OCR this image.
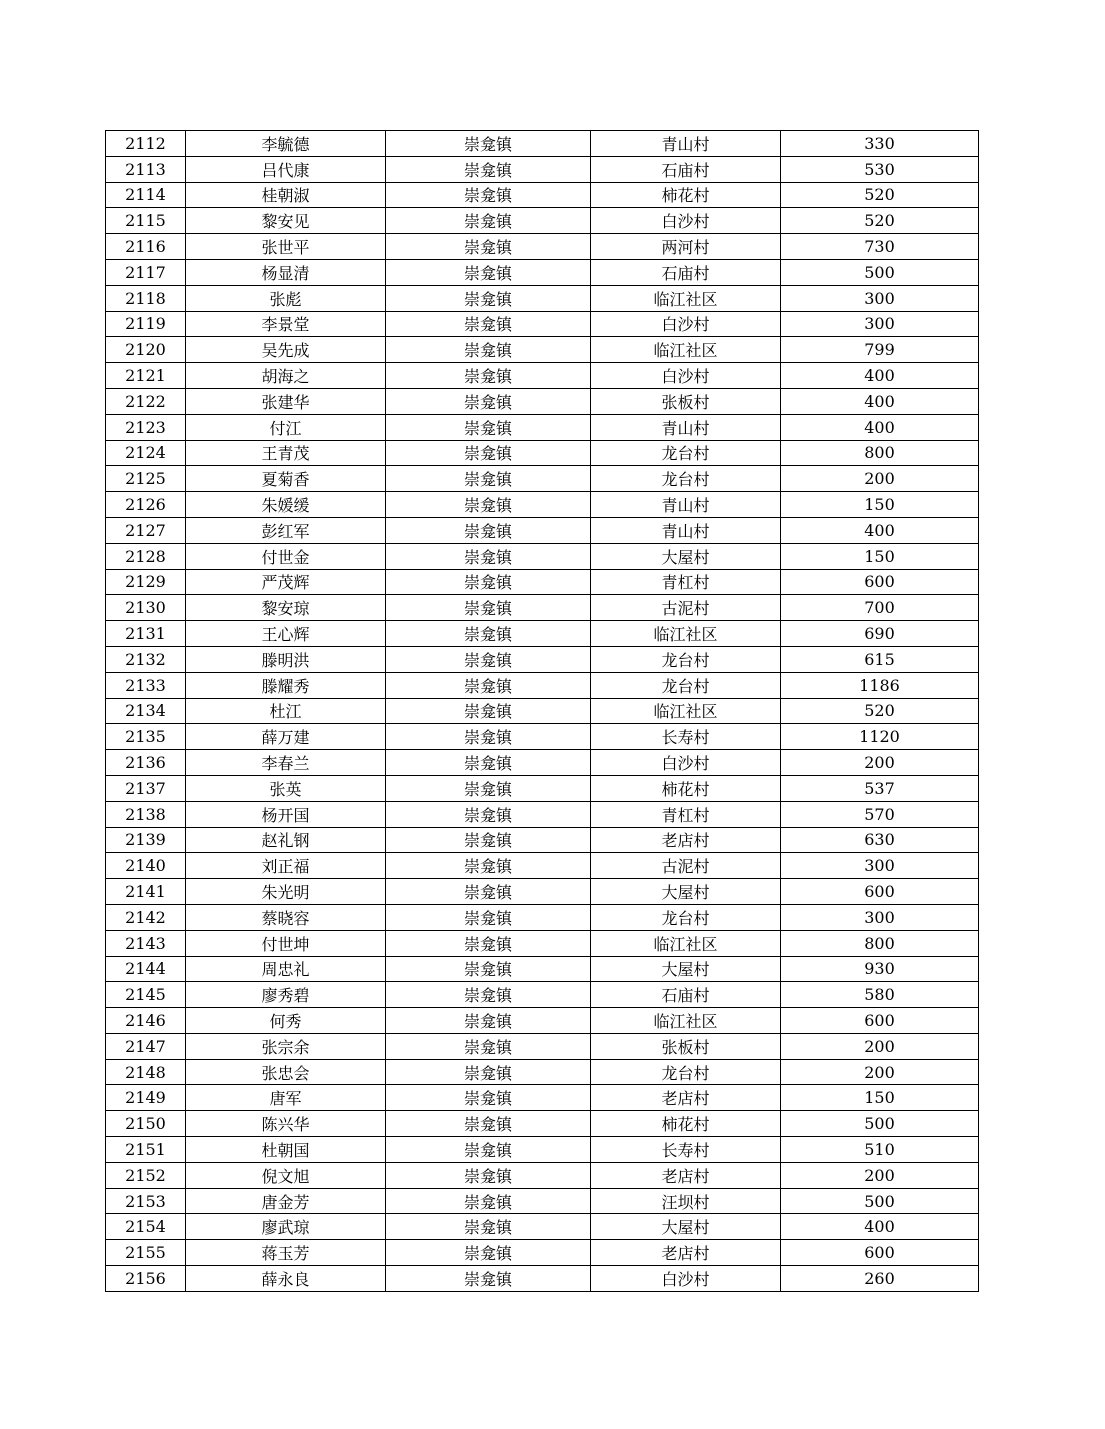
2112	李毓德	崇龛镇	青山村	330
2113	吕代康	崇龛镇	石庙村	530
2114	桂朝淑	崇龛镇	柿花村	520
2115	黎安见	崇龛镇	白沙村	520
2116	张世平	崇龛镇	两河村	730
2117	杨显清	崇龛镇	石庙村	500
2118	张彪	崇龛镇	临江社区	300
2119	李景堂	崇龛镇	白沙村	300
2120	吴先成	崇龛镇	临江社区	799
2121	胡海之	崇龛镇	白沙村	400
2122	张建华	崇龛镇	张板村	400
2123	付江	崇龛镇	青山村	400
2124	王青茂	崇龛镇	龙台村	800
2125	夏菊香	崇龛镇	龙台村	200
2126	朱媛缓	崇龛镇	青山村	150
2127	彭红军	崇龛镇	青山村	400
2128	付世金	崇龛镇	大屋村	150
2129	严茂辉	崇龛镇	青杠村	600
2130	黎安琼	崇龛镇	古泥村	700
2131	王心辉	崇龛镇	临江社区	690
2132	滕明洪	崇龛镇	龙台村	615
2133	滕耀秀	崇龛镇	龙台村	1186
2134	杜江	崇龛镇	临江社区	520
2135	薛万建	崇龛镇	长寿村	1120
2136	李春兰	崇龛镇	白沙村	200
2137	张英	崇龛镇	柿花村	537
2138	杨开国	崇龛镇	青杠村	570
2139	赵礼钢	崇龛镇	老店村	630
2140	刘正福	崇龛镇	古泥村	300
2141	朱光明	崇龛镇	大屋村	600
2142	蔡晓容	崇龛镇	龙台村	300
2143	付世坤	崇龛镇	临江社区	800
2144	周忠礼	崇龛镇	大屋村	930
2145	廖秀碧	崇龛镇	石庙村	580
2146	何秀	崇龛镇	临江社区	600
2147	张宗余	崇龛镇	张板村	200
2148	张忠会	崇龛镇	龙台村	200
2149	唐军	崇龛镇	老店村	150
2150	陈兴华	崇龛镇	柿花村	500
2151	杜朝国	崇龛镇	长寿村	510
2152	倪文旭	崇龛镇	老店村	200
2153	唐金芳	崇龛镇	汪坝村	500
2154	廖武琼	崇龛镇	大屋村	400
2155	蒋玉芳	崇龛镇	老店村	600
2156	薛永良	崇龛镇	白沙村	260
